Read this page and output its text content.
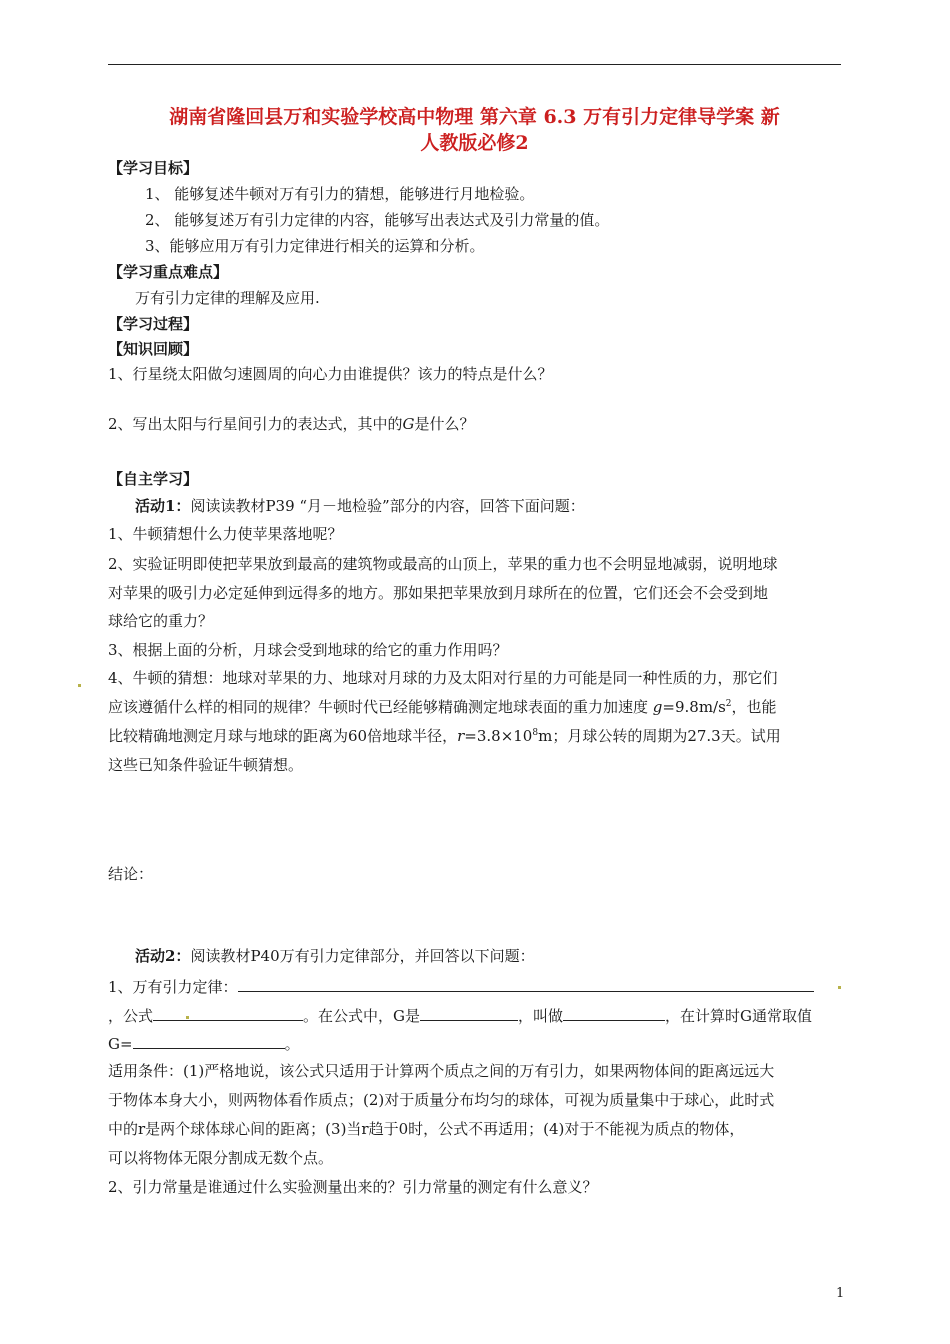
湖南省隆回县万和实验学校高中物理 第六章 6.3 万有引力定律导学案 新
人教版必修2
【学习目标】
1、 能够复述牛顿对万有引力的猜想，能够进行月地检验。
2、 能够复述万有引力定律的内容，能够写出表达式及引力常量的值。
3、能够应用万有引力定律进行相关的运算和分析。
【学习重点难点】
万有引力定律的理解及应用.
【学习过程】
【知识回顾】
1、行星绕太阳做匀速圆周的向心力由谁提供？该力的特点是什么？
2、写出太阳与行星间引力的表达式，其中的G是什么？
【自主学习】
活动1：阅读读教材P39 “月－地检验”部分的内容，回答下面问题：
1、牛顿猜想什么力使苹果落地呢？
2、实验证明即使把苹果放到最高的建筑物或最高的山顶上，苹果的重力也不会明显地减弱，说明地球
对苹果的吸引力必定延伸到远得多的地方。那如果把苹果放到月球所在的位置，它们还会不会受到地
球给它的重力？
3、根据上面的分析，月球会受到地球的给它的重力作用吗？
4、牛顿的猜想：地球对苹果的力、地球对月球的力及太阳对行星的力可能是同一种性质的力，那它们
应该遵循什么样的相同的规律？牛顿时代已经能够精确测定地球表面的重力加速度 $g=9.8m/s^2$，也能
比较精确地测定月球与地球的距离为60倍地球半径，$r=3.8\times 10^8m$；月球公转的周期为27.3天。试用
这些已知条件验证牛顿猜想。
结论：
活动2：阅读教材P40万有引力定律部分，并回答以下问题：
1、万有引力定律：
，公式	。在公式中，G是	，叫做	，在计算时G通常取值
G=	。
适用条件：(1)严格地说，该公式只适用于计算两个质点之间的万有引力，如果两物体间的距离远远大
于物体本身大小，则两物体看作质点；(2)对于质量分布均匀的球体，可视为质量集中于球心，此时式
中的r是两个球体球心间的距离；(3)当r趋于0时，公式不再适用；(4)对于不能视为质点的物体，
可以将物体无限分割成无数个点。
2、引力常量是谁通过什么实验测量出来的？引力常量的测定有什么意义？
1
